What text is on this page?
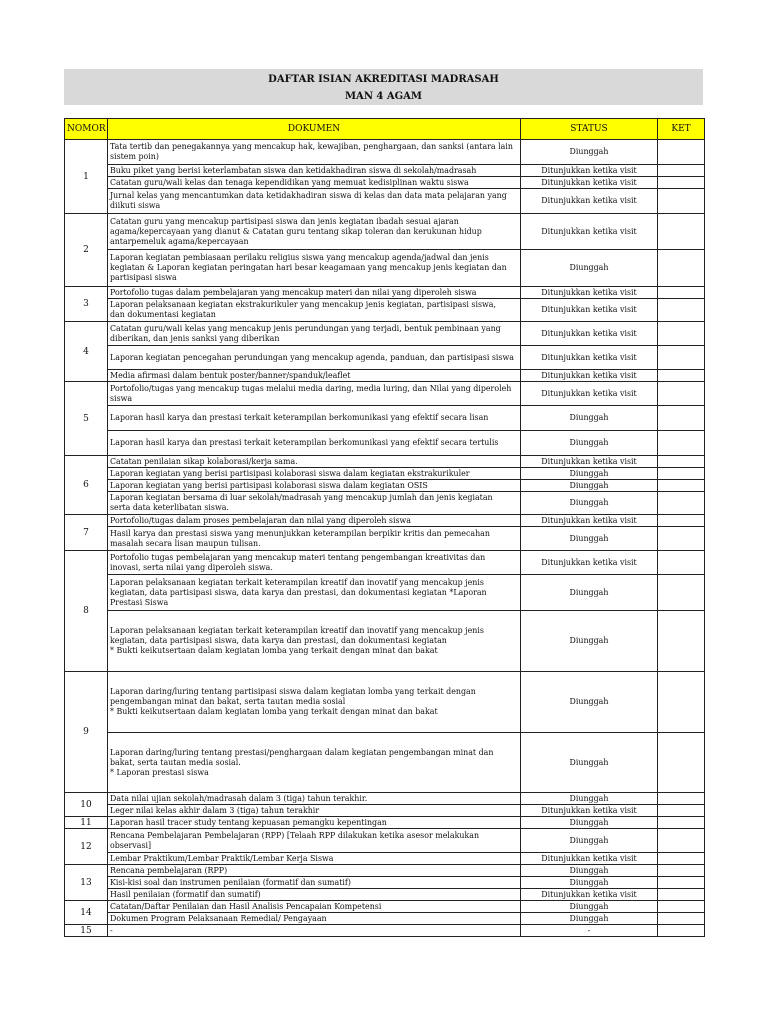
DAFTAR ISIAN AKREDITASI MADRASAH
MAN 4 AGAM
NOMOR	DOKUMEN	STATUS	KET
1	Tata tertib dan penegakannya yang mencakup hak, kewajiban, penghargaan, dan sanksi (antara lain
sistem poin)	Diunggah	

	Buku piket yang berisi keterlambatan siswa dan ketidakhadiran siswa di sekolah/madrasah	Ditunjukkan ketika visit	

	Catatan guru/wali kelas dan tenaga kependidikan yang memuat kedisiplinan waktu siswa	Ditunjukkan ketika visit	

	Jurnal kelas yang mencantumkan data ketidakhadiran siswa di kelas dan data mata pelajaran yang
diikuti siswa	Ditunjukkan ketika visit	
2	Catatan guru yang mencakup partisipasi siswa dan jenis kegiatan ibadah sesuai ajaran
agama/kepercayaan yang dianut & Catatan guru tentang sikap toleran dan kerukunan hidup
antarpemeluk agama/kepercayaan	Ditunjukkan ketika visit	

	Laporan kegiatan pembiasaan perilaku religius siswa yang mencakup agenda/jadwal dan jenis
kegiatan & Laporan kegiatan peringatan hari besar keagamaan yang mencakup jenis kegiatan dan
partisipasi siswa	Diunggah	
3	Portofolio tugas dalam pembelajaran yang mencakup materi dan nilai yang diperoleh siswa	Ditunjukkan ketika visit	

	Laporan pelaksanaan kegiatan ekstrakurikuler yang mencakup jenis kegiatan, partisipasi siswa,
dan dokumentasi kegiatan	Ditunjukkan ketika visit	
4	Catatan guru/wali kelas yang mencakup jenis perundungan yang terjadi, bentuk pembinaan yang
diberikan, dan jenis sanksi yang diberikan	Ditunjukkan ketika visit	

	Laporan kegiatan pencegahan perundungan yang mencakup agenda, panduan, dan partisipasi siswa	Ditunjukkan ketika visit	

	Media afirmasi dalam bentuk poster/banner/spanduk/leaflet	Ditunjukkan ketika visit	
5	Portofolio/tugas yang mencakup tugas melalui media daring, media luring, dan Nilai yang diperoleh
siswa	Ditunjukkan ketika visit	

	Laporan hasil karya dan prestasi terkait keterampilan berkomunikasi yang efektif secara lisan	Diunggah	

	Laporan hasil karya dan prestasi terkait keterampilan berkomunikasi yang efektif secara tertulis	Diunggah	
6	Catatan penilaian sikap kolaborasi/kerja sama.	Ditunjukkan ketika visit	

	Laporan kegiatan yang berisi partisipasi kolaborasi siswa dalam kegiatan ekstrakurikuler	Diunggah	

	Laporan kegiatan yang berisi partisipasi kolaborasi siswa dalam kegiatan OSIS	Diunggah	

	Laporan kegiatan bersama di luar sekolah/madrasah yang mencakup jumlah dan jenis kegiatan
serta data keterlibatan siswa.	Diunggah	
7	Portofolio/tugas dalam proses pembelajaran dan nilai yang diperoleh siswa	Ditunjukkan ketika visit	

	Hasil karya dan prestasi siswa yang menunjukkan keterampilan berpikir kritis dan pemecahan
masalah secara lisan maupun tulisan.	Diunggah	
8	Portofolio tugas pembelajaran yang mencakup materi tentang pengembangan kreativitas dan
inovasi, serta nilai yang diperoleh siswa.	Ditunjukkan ketika visit	

	Laporan pelaksanaan kegiatan terkait keterampilan kreatif dan inovatif yang mencakup jenis
kegiatan, data partisipasi siswa, data karya dan prestasi, dan dokumentasi kegiatan *Laporan
Prestasi Siswa	Diunggah	

	Laporan pelaksanaan kegiatan terkait keterampilan kreatif dan inovatif yang mencakup jenis
kegiatan, data partisipasi siswa, data karya dan prestasi, dan dokumentasi kegiatan
* Bukti keikutsertaan dalam kegiatan lomba yang terkait dengan minat dan bakat	Diunggah	
9	Laporan daring/luring tentang partisipasi siswa dalam kegiatan lomba yang terkait dengan
pengembangan minat dan bakat, serta tautan media sosial
* Bukti keikutsertaan dalam kegiatan lomba yang terkait dengan minat dan bakat	Diunggah	

	Laporan daring/luring tentang prestasi/penghargaan dalam kegiatan pengembangan minat dan
bakat, serta tautan media sosial.
* Laporan prestasi siswa	Diunggah	
10	Data nilai ujian sekolah/madrasah dalam 3 (tiga) tahun terakhir.	Diunggah	

	Leger nilai kelas akhir dalam 3 (tiga) tahun terakhir	Ditunjukkan ketika visit	
11	Laporan hasil tracer study tentang kepuasan pemangku kepentingan	Diunggah	
12	Rencana Pembelajaran Pembelajaran (RPP) [Telaah RPP dilakukan ketika asesor melakukan
observasi]	Diunggah	

	Lembar Praktikum/Lembar Praktik/Lembar Kerja Siswa	Ditunjukkan ketika visit	
13	Rencana pembelajaran (RPP)	Diunggah	

	Kisi-kisi soal dan instrumen penilaian (formatif dan sumatif)	Diunggah	

	Hasil penilaian (formatif dan sumatif)	Ditunjukkan ketika visit	
14	Catatan/Daftar Penilaian dan Hasil Analisis Pencapaian Kompetensi	Diunggah	

	Dokumen Program Pelaksanaan Remedial/ Pengayaan	Diunggah	
15	-	-	
